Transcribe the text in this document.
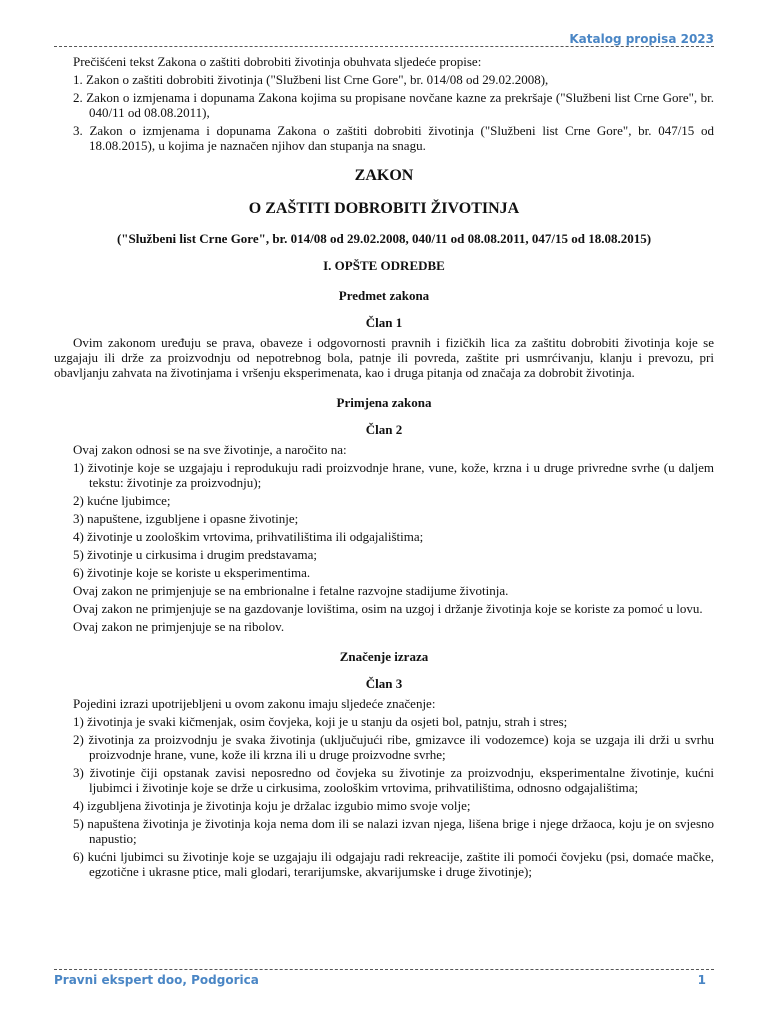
Katalog propisa 2023

Prečišćeni tekst Zakona o zaštiti dobrobiti životinja obuhvata sljedeće propise:

1. Zakon o zaštiti dobrobiti životinja ("Službeni list Crne Gore", br. 014/08 od 29.02.2008),

2. Zakon o izmjenama i dopunama Zakona kojima su propisane novčane kazne za prekršaje ("Službeni list Crne Gore", br. 040/11 od 08.08.2011),

3. Zakon o izmjenama i dopunama Zakona o zaštiti dobrobiti životinja ("Službeni list Crne Gore", br. 047/15 od 18.08.2015), u kojima je naznačen njihov dan stupanja na snagu.

ZAKON
O ZAŠTITI DOBROBITI ŽIVOTINJA
("Službeni list Crne Gore", br. 014/08 od 29.02.2008, 040/11 od 08.08.2011, 047/15 od 18.08.2015)
I. OPŠTE ODREDBE
Predmet zakona
Član 1

Ovim zakonom uređuju se prava, obaveze i odgovornosti pravnih i fizičkih lica za zaštitu dobrobiti životinja koje se uzgajaju ili drže za proizvodnju od nepotrebnog bola, patnje ili povreda, zaštite pri usmrćivanju, klanju i prevozu, pri obavljanju zahvata na životinjama i vršenju eksperimenata, kao i druga pitanja od značaja za dobrobit životinja.

Primjena zakona
Član 2

Ovaj zakon odnosi se na sve životinje, a naročito na:

1) životinje koje se uzgajaju i reprodukuju radi proizvodnje hrane, vune, kože, krzna i u druge privredne svrhe (u daljem tekstu: životinje za proizvodnju);

2) kućne ljubimce;

3) napuštene, izgubljene i opasne životinje;

4) životinje u zoološkim vrtovima, prihvatilištima ili odgajalištima;

5) životinje u cirkusima i drugim predstavama;

6) životinje koje se koriste u eksperimentima.

Ovaj zakon ne primjenjuje se na embrionalne i fetalne razvojne stadijume životinja.

Ovaj zakon ne primjenjuje se na gazdovanje lovištima, osim na uzgoj i držanje životinja koje se koriste za pomoć u lovu.

Ovaj zakon ne primjenjuje se na ribolov.

Značenje izraza
Član 3

Pojedini izrazi upotrijebljeni u ovom zakonu imaju sljedeće značenje:

1) životinja je svaki kičmenjak, osim čovjeka, koji je u stanju da osjeti bol, patnju, strah i stres;

2) životinja za proizvodnju je svaka životinja (uključujući ribe, gmizavce ili vodozemce) koja se uzgaja ili drži u svrhu proizvodnje hrane, vune, kože ili krzna ili u druge proizvodne svrhe;

3) životinje čiji opstanak zavisi neposredno od čovjeka su životinje za proizvodnju, eksperimentalne životinje, kućni ljubimci i životinje koje se drže u cirkusima, zoološkim vrtovima, prihvatilištima, odnosno odgajalištima;

4) izgubljena životinja je životinja koju je držalac izgubio mimo svoje volje;

5) napuštena životinja je životinja koja nema dom ili se nalazi izvan njega, lišena brige i njege držaoca, koju je on svjesno napustio;

6) kućni ljubimci su životinje koje se uzgajaju ili odgajaju radi rekreacije, zaštite ili pomoći čovjeku (psi, domaće mačke, egzotične i ukrasne ptice, mali glodari, terarijumske, akvarijumske i druge životinje);

Pravni ekspert doo, Podgorica	1
